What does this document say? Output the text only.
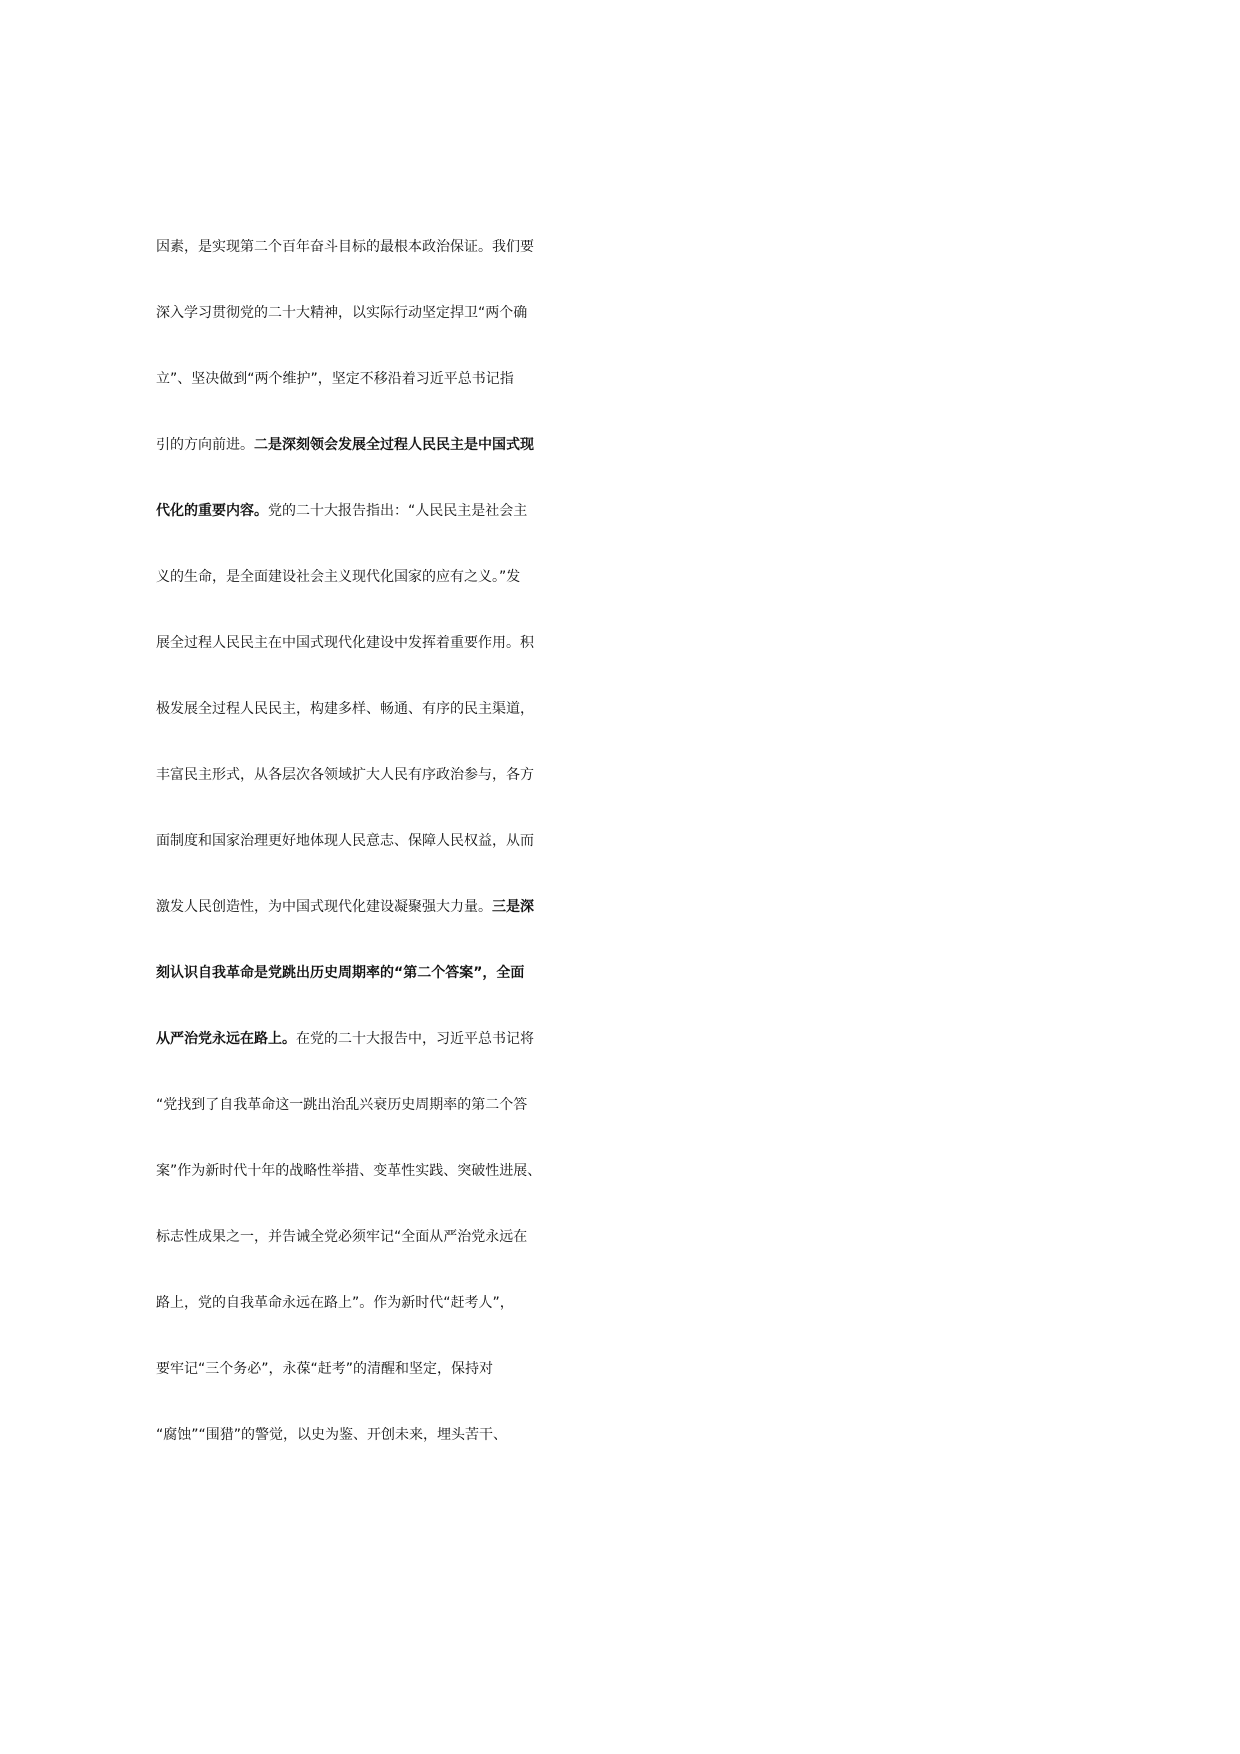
因素，是实现第二个百年奋斗目标的最根本政治保证。我们要
深入学习贯彻党的二十大精神，以实际行动坚定捍卫“两个确
立”、坚决做到“两个维护”，坚定不移沿着习近平总书记指
引的方向前进。二是深刻领会发展全过程人民民主是中国式现
代化的重要内容。党的二十大报告指出：“人民民主是社会主
义的生命，是全面建设社会主义现代化国家的应有之义。”发
展全过程人民民主在中国式现代化建设中发挥着重要作用。积
极发展全过程人民民主，构建多样、畅通、有序的民主渠道，
丰富民主形式，从各层次各领域扩大人民有序政治参与，各方
面制度和国家治理更好地体现人民意志、保障人民权益，从而
激发人民创造性，为中国式现代化建设凝聚强大力量。三是深
刻认识自我革命是党跳出历史周期率的“第二个答案”，全面
从严治党永远在路上。在党的二十大报告中，习近平总书记将
“党找到了自我革命这一跳出治乱兴衰历史周期率的第二个答
案”作为新时代十年的战略性举措、变革性实践、突破性进展、
标志性成果之一，并告诫全党必须牢记“全面从严治党永远在
路上，党的自我革命永远在路上”。作为新时代“赶考人”，
要牢记“三个务必”，永葆“赶考”的清醒和坚定，保持对
“腐蚀”“围猎”的警觉，以史为鉴、开创未来，埋头苦干、
